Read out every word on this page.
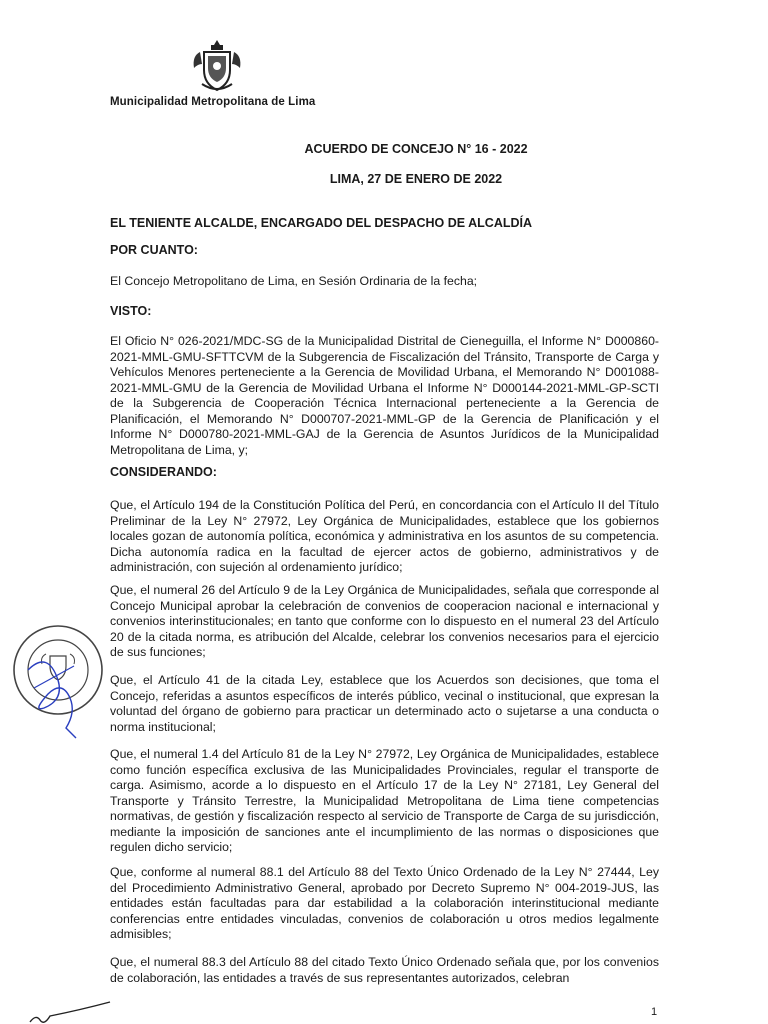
Municipalidad Metropolitana de Lima
ACUERDO DE CONCEJO N° 16 - 2022
LIMA, 27 DE ENERO DE 2022
EL TENIENTE ALCALDE, ENCARGADO DEL DESPACHO DE ALCALDÍA
POR CUANTO:
El Concejo Metropolitano de Lima, en Sesión Ordinaria de la fecha;
VISTO:
El Oficio N° 026-2021/MDC-SG de la Municipalidad Distrital de Cieneguilla, el Informe N° D000860-2021-MML-GMU-SFTTCVM de la Subgerencia de Fiscalización del Tránsito, Transporte de Carga y Vehículos Menores perteneciente a la Gerencia de Movilidad Urbana, el Memorando N° D001088-2021-MML-GMU de la Gerencia de Movilidad Urbana el Informe N° D000144-2021-MML-GP-SCTI de la Subgerencia de Cooperación Técnica Internacional perteneciente a la Gerencia de Planificación, el Memorando N° D000707-2021-MML-GP de la Gerencia de Planificación y el Informe N° D000780-2021-MML-GAJ de la Gerencia de Asuntos Jurídicos de la Municipalidad Metropolitana de Lima, y;
CONSIDERANDO:
Que, el Artículo 194 de la Constitución Política del Perú, en concordancia con el Artículo II del Título Preliminar de la Ley N° 27972, Ley Orgánica de Municipalidades, establece que los gobiernos locales gozan de autonomía política, económica y administrativa en los asuntos de su competencia. Dicha autonomía radica en la facultad de ejercer actos de gobierno, administrativos y de administración, con sujeción al ordenamiento jurídico;
Que, el numeral 26 del Artículo 9 de la Ley Orgánica de Municipalidades, señala que corresponde al Concejo Municipal aprobar la celebración de convenios de cooperacion nacional e internacional y convenios interinstitucionales; en tanto que conforme con lo dispuesto en el numeral 23 del Artículo 20 de la citada norma, es atribución del Alcalde, celebrar los convenios necesarios para el ejercicio de sus funciones;
Que, el Artículo 41 de la citada Ley, establece que los Acuerdos son decisiones, que toma el Concejo, referidas a asuntos específicos de interés público, vecinal o institucional, que expresan la voluntad del órgano de gobierno para practicar un determinado acto o sujetarse a una conducta o norma institucional;
Que, el numeral 1.4 del Artículo 81 de la Ley N° 27972, Ley Orgánica de Municipalidades, establece como función específica exclusiva de las Municipalidades Provinciales, regular el transporte de carga. Asimismo, acorde a lo dispuesto en el Artículo 17 de la Ley N° 27181, Ley General del Transporte y Tránsito Terrestre, la Municipalidad Metropolitana de Lima tiene competencias normativas, de gestión y fiscalización respecto al servicio de Transporte de Carga de su jurisdicción, mediante la imposición de sanciones ante el incumplimiento de las normas o disposiciones que regulen dicho servicio;
Que, conforme al numeral 88.1 del Artículo 88 del Texto Único Ordenado de la Ley N° 27444, Ley del Procedimiento Administrativo General, aprobado por Decreto Supremo N° 004-2019-JUS, las entidades están facultadas para dar estabilidad a la colaboración interinstitucional mediante conferencias entre entidades vinculadas, convenios de colaboración u otros medios legalmente admisibles;
Que, el numeral 88.3 del Artículo 88 del citado Texto Único Ordenado señala que, por los convenios de colaboración, las entidades a través de sus representantes autorizados, celebran
1
